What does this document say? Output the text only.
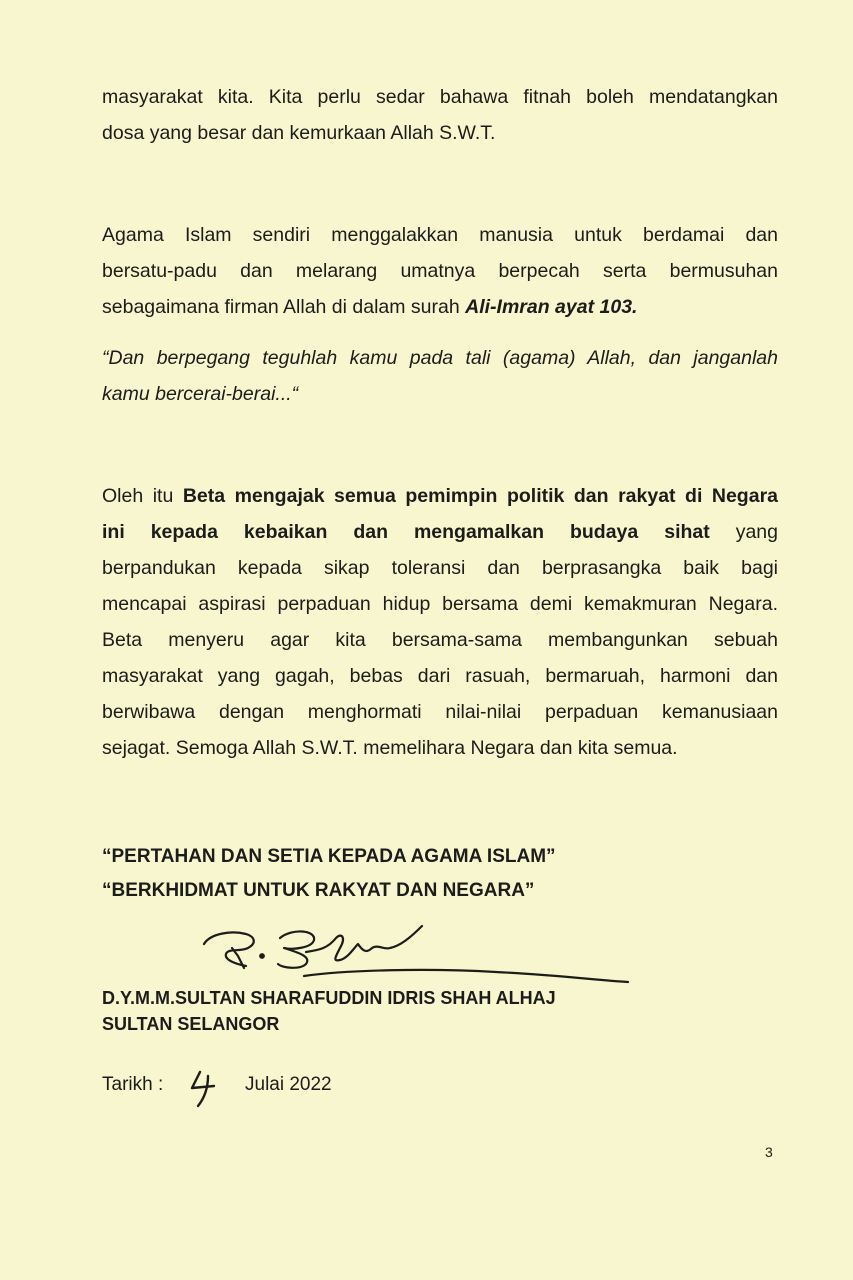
masyarakat kita. Kita perlu sedar bahawa fitnah boleh mendatangkan
dosa yang besar dan kemurkaan Allah S.W.T.
Agama Islam sendiri menggalakkan manusia untuk berdamai dan
bersatu-padu dan melarang umatnya berpecah serta bermusuhan
sebagaimana firman Allah di dalam surah Ali-Imran ayat 103.
“Dan berpegang teguhlah kamu pada tali (agama) Allah, dan janganlah
kamu bercerai-berai...“
Oleh itu Beta mengajak semua pemimpin politik dan rakyat di Negara
ini kepada kebaikan dan mengamalkan budaya sihat yang
berpandukan kepada sikap toleransi dan berprasangka baik bagi
mencapai aspirasi perpaduan hidup bersama demi kemakmuran Negara.
Beta menyeru agar kita bersama-sama membangunkan sebuah
masyarakat yang gagah, bebas dari rasuah, bermaruah, harmoni dan
berwibawa dengan menghormati nilai-nilai perpaduan kemanusiaan
sejagat. Semoga Allah S.W.T. memelihara Negara dan kita semua.

“PERTAHAN DAN SETIA KEPADA AGAMA ISLAM”

“BERKHIDMAT UNTUK RAKYAT DAN NEGARA”

D.Y.M.M.SULTAN SHARAFUDDIN IDRIS SHAH ALHAJ

SULTAN SELANGOR

Tarikh :	Julai 2022
3
